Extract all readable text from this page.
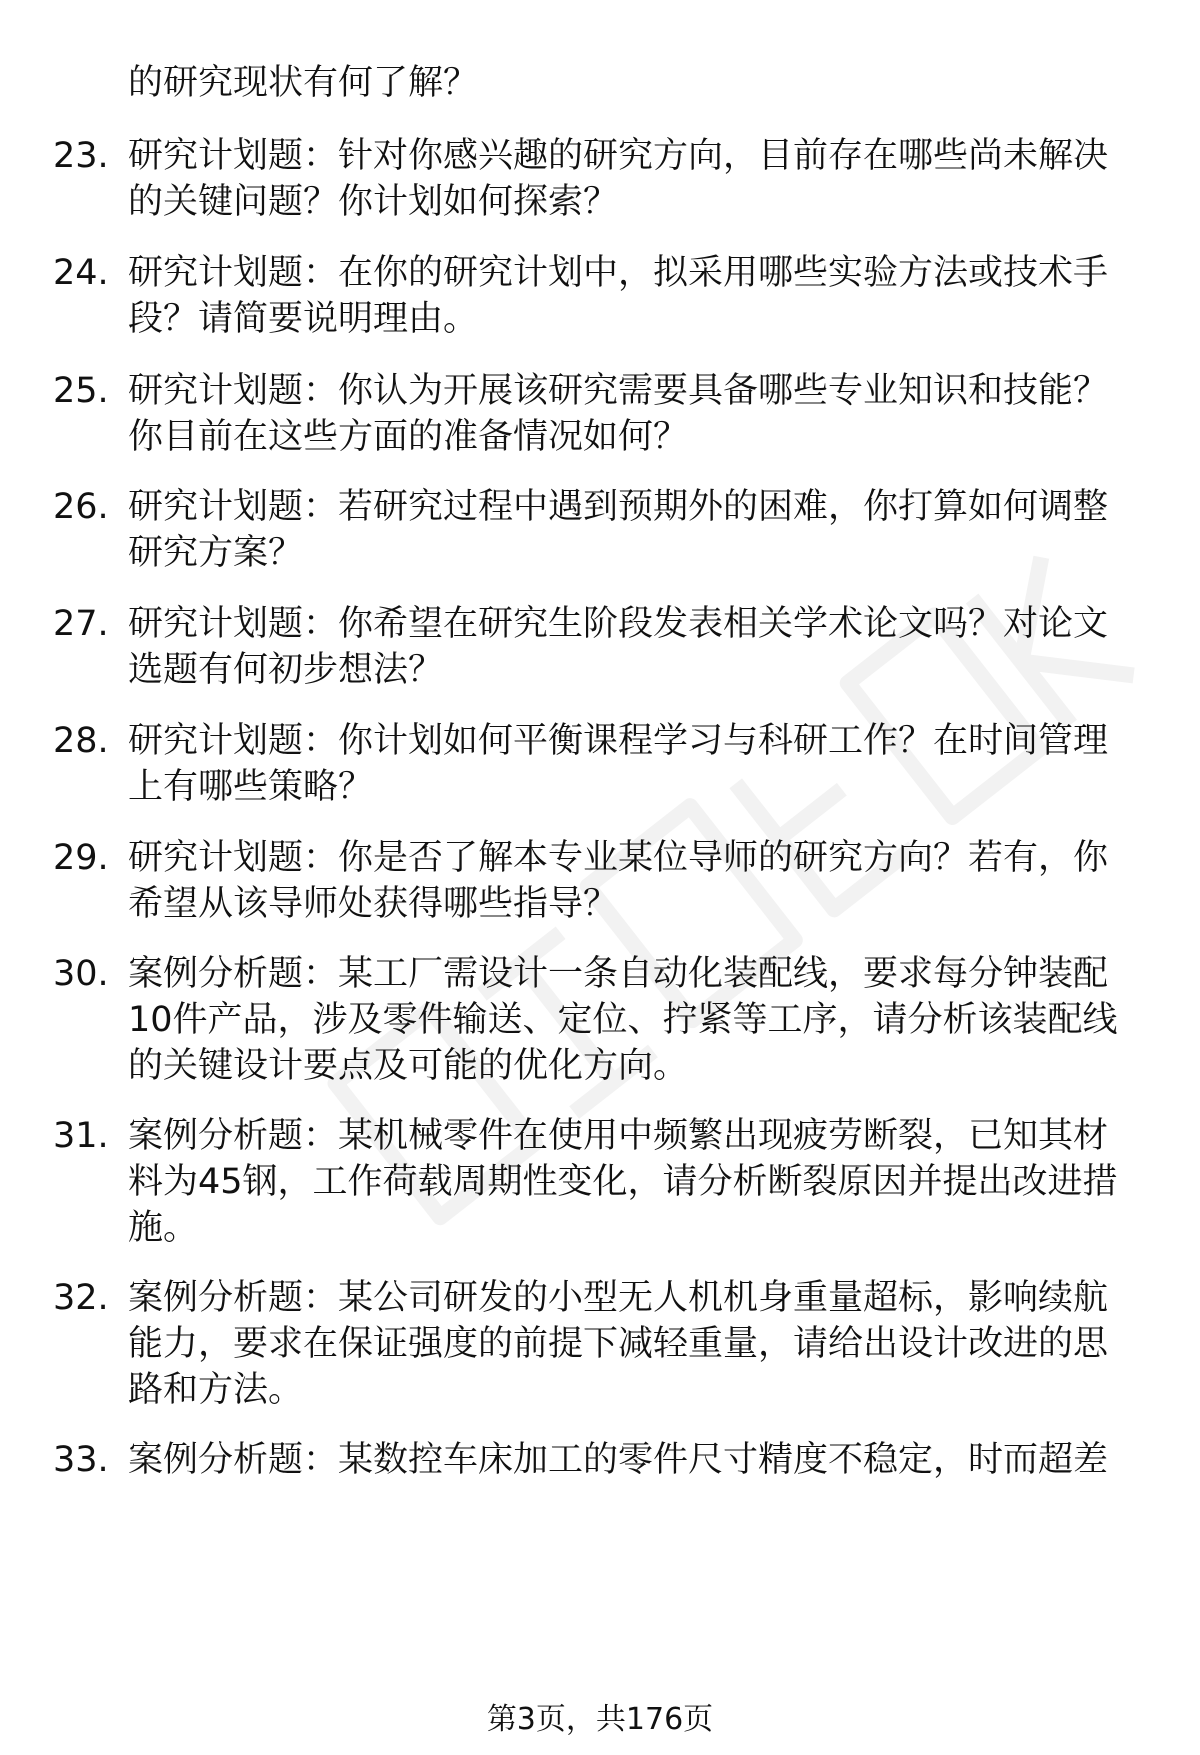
的研究现状有何了解？
23. 研究计划题：针对你感兴趣的研究方向，目前存在哪些尚未解决
的关键问题？你计划如何探索？
24. 研究计划题：在你的研究计划中，拟采用哪些实验方法或技术手
段？请简要说明理由。
25. 研究计划题：你认为开展该研究需要具备哪些专业知识和技能？
你目前在这些方面的准备情况如何？
26. 研究计划题：若研究过程中遇到预期外的困难，你打算如何调整
研究方案？
27. 研究计划题：你希望在研究生阶段发表相关学术论文吗？对论文
选题有何初步想法？
28. 研究计划题：你计划如何平衡课程学习与科研工作？在时间管理
上有哪些策略？
29. 研究计划题：你是否了解本专业某位导师的研究方向？若有，你
希望从该导师处获得哪些指导？
30. 案例分析题：某工厂需设计一条自动化装配线，要求每分钟装配
10件产品，涉及零件输送、定位、拧紧等工序，请分析该装配线
的关键设计要点及可能的优化方向。
31. 案例分析题：某机械零件在使用中频繁出现疲劳断裂，已知其材
料为45钢，工作荷载周期性变化，请分析断裂原因并提出改进措
施。
32. 案例分析题：某公司研发的小型无人机机身重量超标，影响续航
能力，要求在保证强度的前提下减轻重量，请给出设计改进的思
路和方法。
33. 案例分析题：某数控车床加工的零件尺寸精度不稳定，时而超差
第3页，共176页
